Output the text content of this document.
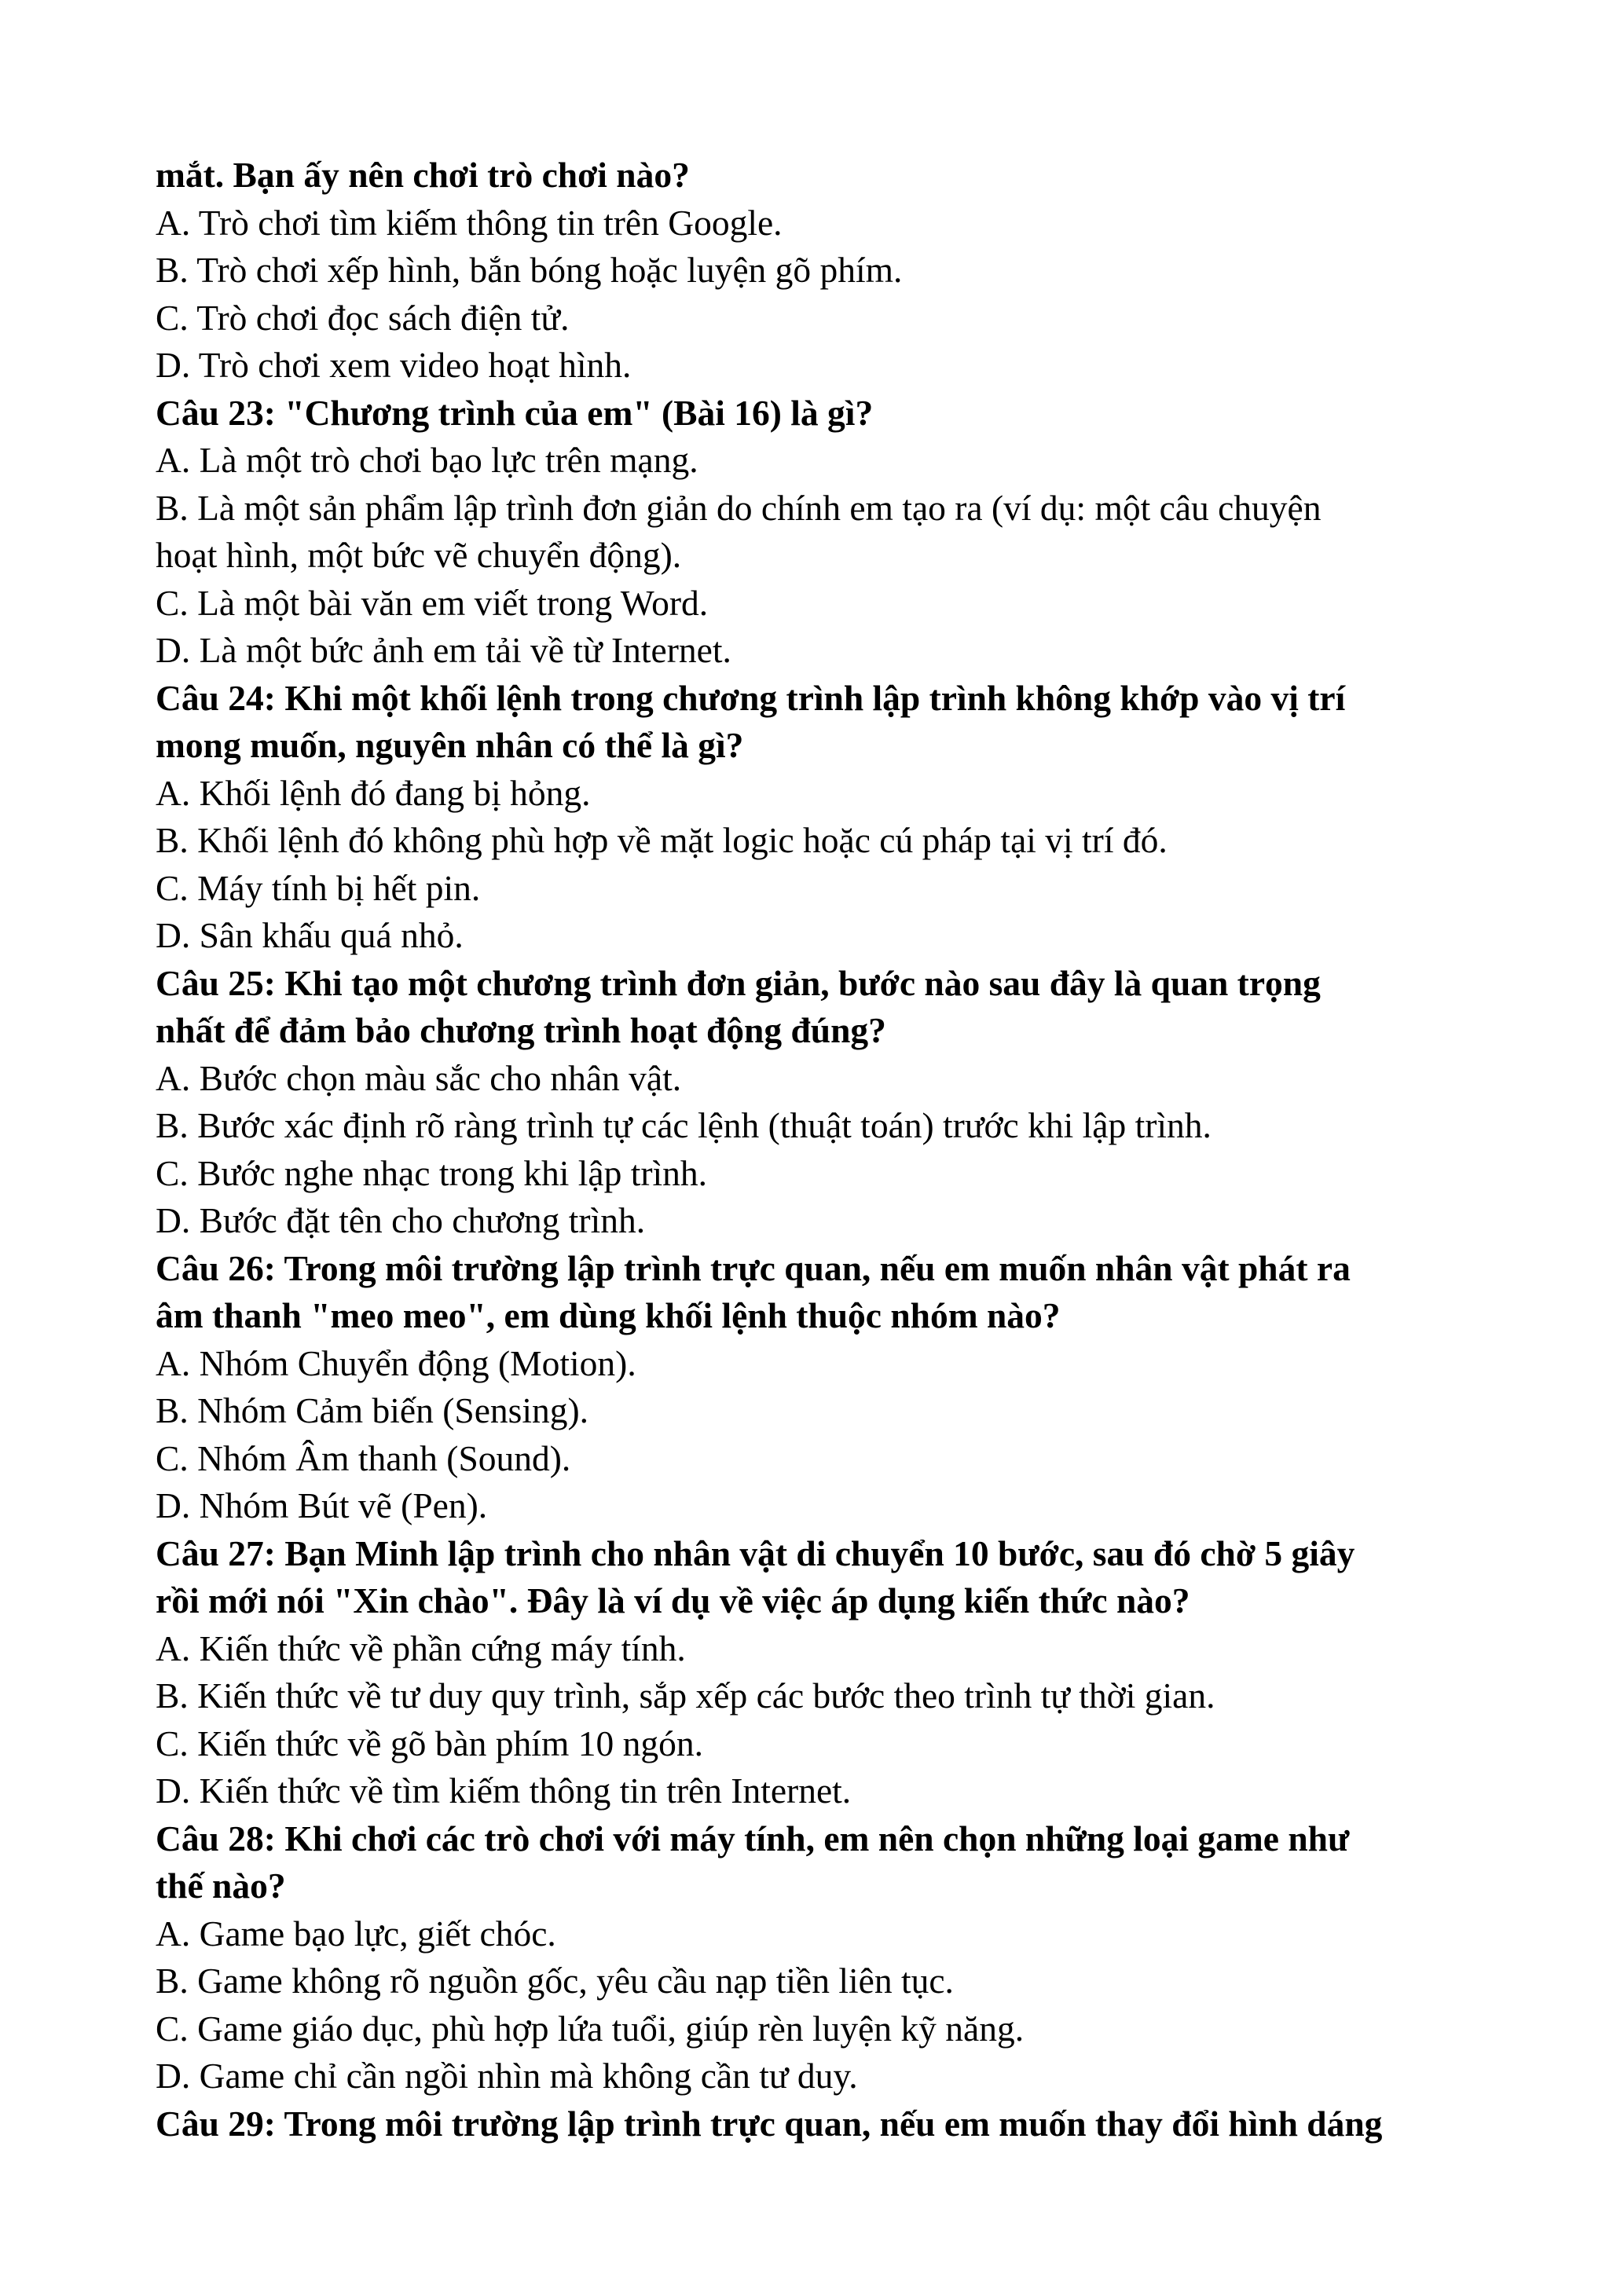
mắt. Bạn ấy nên chơi trò chơi nào?
A. Trò chơi tìm kiếm thông tin trên Google.
B. Trò chơi xếp hình, bắn bóng hoặc luyện gõ phím.
C. Trò chơi đọc sách điện tử.
D. Trò chơi xem video hoạt hình.
Câu 23: "Chương trình của em" (Bài 16) là gì?
A. Là một trò chơi bạo lực trên mạng.
B. Là một sản phẩm lập trình đơn giản do chính em tạo ra (ví dụ: một câu chuyện
hoạt hình, một bức vẽ chuyển động).
C. Là một bài văn em viết trong Word.
D. Là một bức ảnh em tải về từ Internet.
Câu 24: Khi một khối lệnh trong chương trình lập trình không khớp vào vị trí
mong muốn, nguyên nhân có thể là gì?
A. Khối lệnh đó đang bị hỏng.
B. Khối lệnh đó không phù hợp về mặt logic hoặc cú pháp tại vị trí đó.
C. Máy tính bị hết pin.
D. Sân khấu quá nhỏ.
Câu 25: Khi tạo một chương trình đơn giản, bước nào sau đây là quan trọng
nhất để đảm bảo chương trình hoạt động đúng?
A. Bước chọn màu sắc cho nhân vật.
B. Bước xác định rõ ràng trình tự các lệnh (thuật toán) trước khi lập trình.
C. Bước nghe nhạc trong khi lập trình.
D. Bước đặt tên cho chương trình.
Câu 26: Trong môi trường lập trình trực quan, nếu em muốn nhân vật phát ra
âm thanh "meo meo", em dùng khối lệnh thuộc nhóm nào?
A. Nhóm Chuyển động (Motion).
B. Nhóm Cảm biến (Sensing).
C. Nhóm Âm thanh (Sound).
D. Nhóm Bút vẽ (Pen).
Câu 27: Bạn Minh lập trình cho nhân vật di chuyển 10 bước, sau đó chờ 5 giây
rồi mới nói "Xin chào". Đây là ví dụ về việc áp dụng kiến thức nào?
A. Kiến thức về phần cứng máy tính.
B. Kiến thức về tư duy quy trình, sắp xếp các bước theo trình tự thời gian.
C. Kiến thức về gõ bàn phím 10 ngón.
D. Kiến thức về tìm kiếm thông tin trên Internet.
Câu 28: Khi chơi các trò chơi với máy tính, em nên chọn những loại game như
thế nào?
A. Game bạo lực, giết chóc.
B. Game không rõ nguồn gốc, yêu cầu nạp tiền liên tục.
C. Game giáo dục, phù hợp lứa tuổi, giúp rèn luyện kỹ năng.
D. Game chỉ cần ngồi nhìn mà không cần tư duy.
Câu 29: Trong môi trường lập trình trực quan, nếu em muốn thay đổi hình dáng
